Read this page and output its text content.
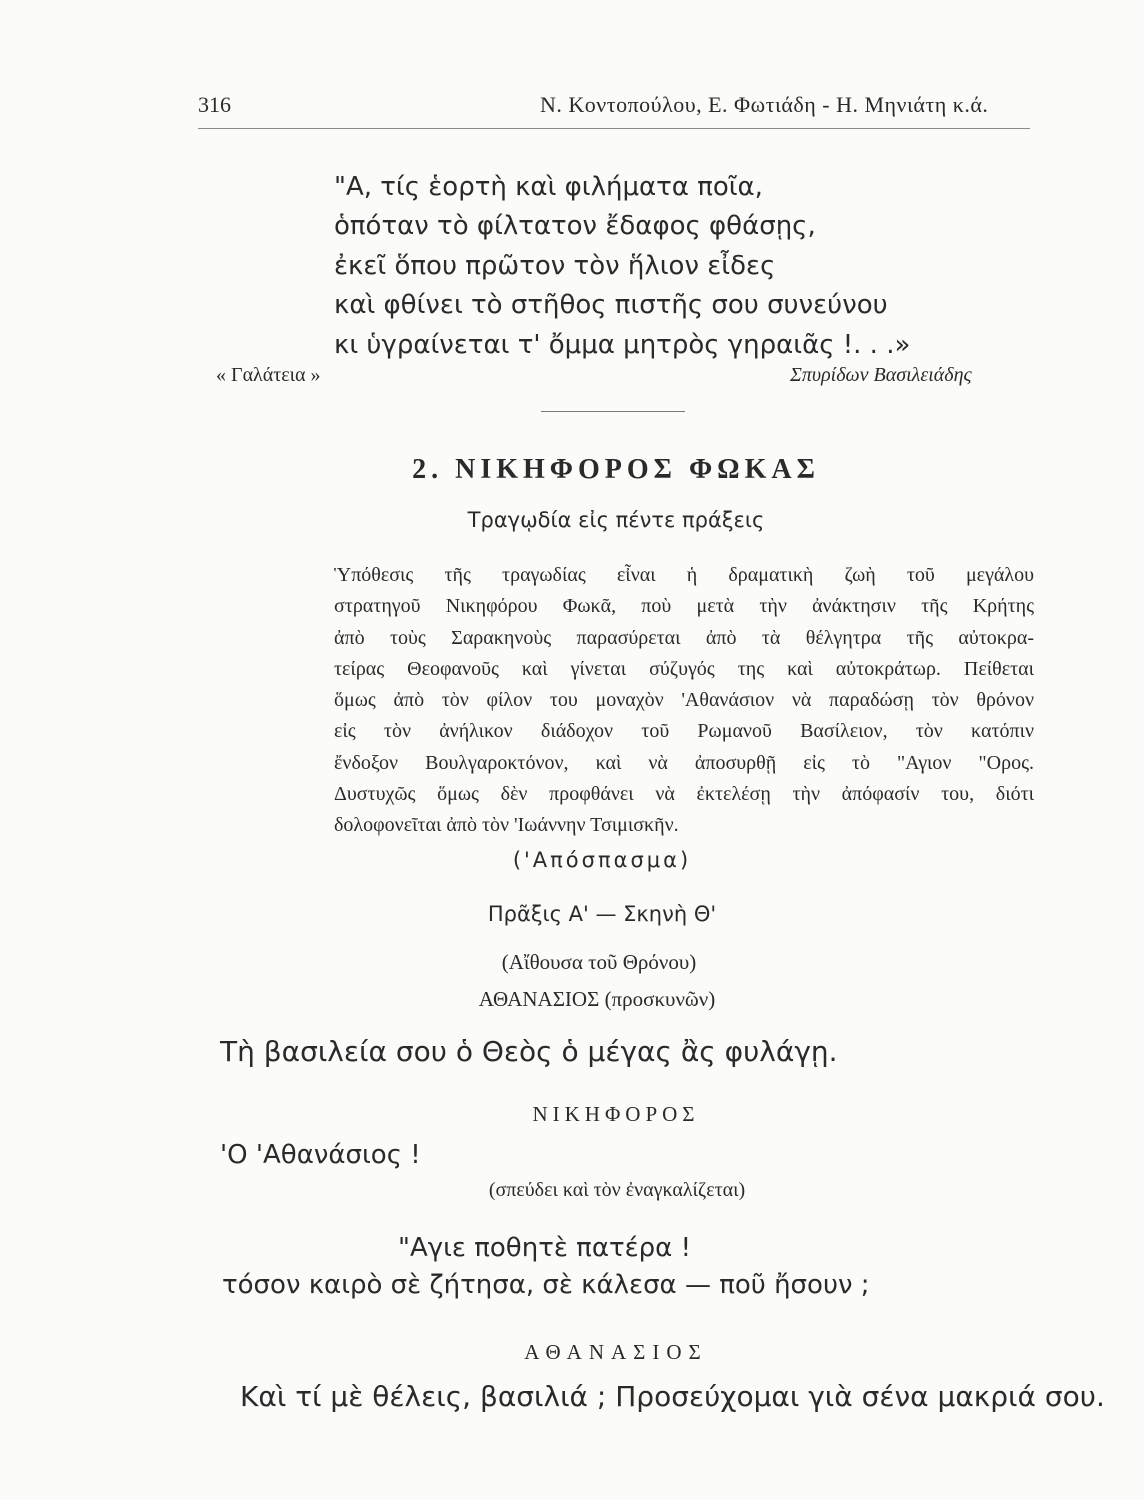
316	Ν. Κοντοπούλου, Ε. Φωτιάδη - Η. Μηνιάτη κ.ά.
"Α, τίς ἑορτὴ καὶ φιλήματα ποῖα,
ὁπόταν τὸ φίλτατον ἔδαφος φθάσῃς,
ἐκεῖ ὅπου πρῶτον τὸν ἥλιον εἶδες
καὶ φθίνει τὸ στῆθος πιστῆς σου συνεύνου
κι ὑγραίνεται τ' ὄμμα μητρὸς γηραιᾶς !. . .»
« Γαλάτεια »	Σπυρίδων Βασιλειάδης
2. ΝΙΚΗΦΟΡΟΣ ΦΩΚΑΣ
Τραγῳδία εἰς πέντε πράξεις
Ὑπόθεσις τῆς τραγωδίας εἶναι ἡ δραματικὴ ζωὴ τοῦ μεγάλου
στρατηγοῦ Νικηφόρου Φωκᾶ, ποὺ μετὰ τὴν ἀνάκτησιν τῆς Κρήτης
ἀπὸ τοὺς Σαρακηνοὺς παρασύρεται ἀπὸ τὰ θέλγητρα τῆς αὐτοκρα-
τείρας Θεοφανοῦς καὶ γίνεται σύζυγός της καὶ αὐτοκράτωρ. Πείθεται
ὅμως ἀπὸ τὸν φίλον του μοναχὸν 'Αθανάσιον νὰ παραδώσῃ τὸν θρόνον
εἰς τὸν ἀνήλικον διάδοχον τοῦ Ρωμανοῦ Βασίλειον, τὸν κατόπιν
ἔνδοξον Βουλγαροκτόνον, καὶ νὰ ἀποσυρθῇ εἰς τὸ "Αγιον "Ορος.
Δυστυχῶς ὅμως δὲν προφθάνει νὰ ἐκτελέσῃ τὴν ἀπόφασίν του, διότι
δολοφονεῖται ἀπὸ τὸν 'Ιωάννην Τσιμισκῆν.
('Απόσπασμα)
Πρᾶξις Α' — Σκηνὴ Θ'
(Αἴθουσα τοῦ Θρόνου)
ΑΘΑΝΑΣΙΟΣ (προσκυνῶν)
Τὴ βασιλεία σου ὁ Θεὸς ὁ μέγας ἂς φυλάγῃ.
ΝΙΚΗΦΟΡΟΣ
'Ο 'Αθανάσιος !
(σπεύδει καὶ τὸν ἐναγκαλίζεται)
"Αγιε ποθητὲ πατέρα !
τόσον καιρὸ σὲ ζήτησα, σὲ κάλεσα — ποῦ ἤσουν ;
ΑΘΑΝΑΣΙΟΣ
Καὶ τί μὲ θέλεις, βασιλιά ; Προσεύχομαι γιὰ σένα μακριά σου.
